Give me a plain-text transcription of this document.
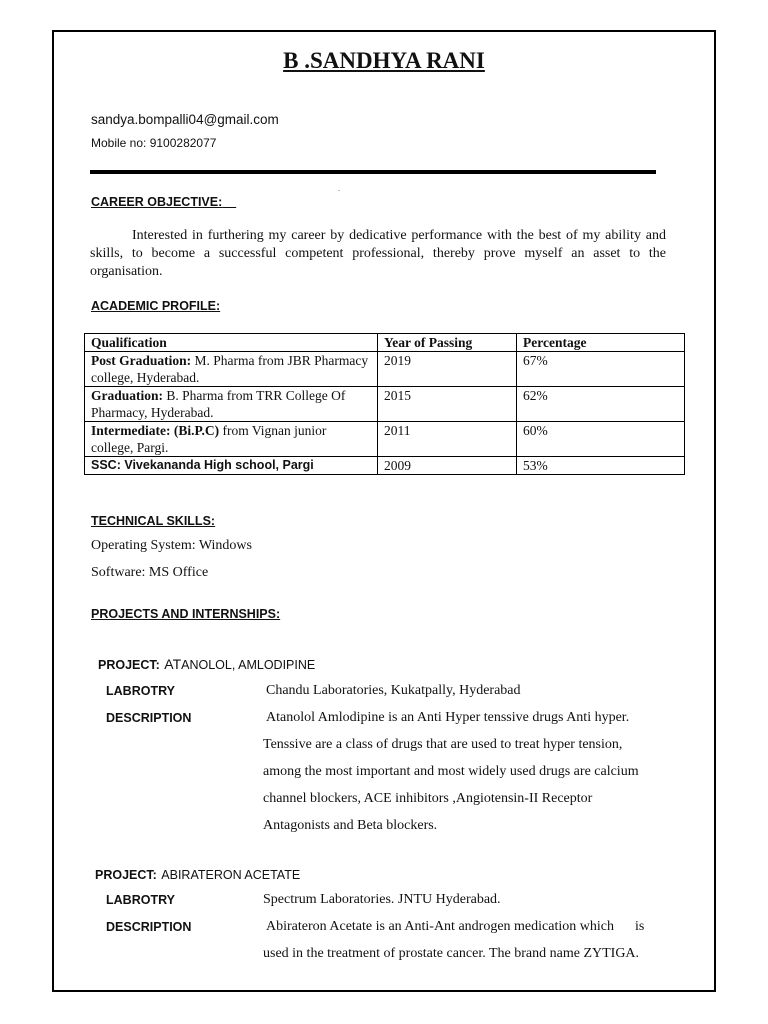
B .SANDHYA RANI
sandya.bompalli04@gmail.com
Mobile no: 9100282077
.
CAREER OBJECTIVE:
Interested in furthering my career by dedicative performance with the best of my ability and skills, to become a successful competent professional, thereby prove myself an asset to the organisation.
ACADEMIC PROFILE:
Qualification	Year of Passing	Percentage
Post Graduation: M. Pharma from JBR Pharmacy college, Hyderabad.	2019	67%
Graduation: B. Pharma from TRR College Of Pharmacy, Hyderabad.	2015	62%
Intermediate: (Bi.P.C) from Vignan junior college, Pargi.	2011	60%
SSC: Vivekananda High school, Pargi	2009	53%
TECHNICAL SKILLS:
Operating System: Windows
Software: MS Office
PROJECTS AND INTERNSHIPS:
PROJECT: ATANOLOL, AMLODIPINE
LABROTRY	Chandu Laboratories, Kukatpally, Hyderabad
DESCRIPTION	Atanolol Amlodipine is an Anti Hyper tenssive drugs Anti hyper.
Tenssive are a class of drugs that are used to treat hyper tension,
among the most important and most widely used drugs are calcium
channel blockers, ACE inhibitors ,Angiotensin-II Receptor
Antagonists and Beta blockers.
PROJECT: ABIRATERON ACETATE
LABROTRY	Spectrum Laboratories. JNTU Hyderabad.
DESCRIPTION	Abirateron Acetate is an Anti-Ant androgen medication which      is
used in the treatment of prostate cancer. The brand name ZYTIGA.
